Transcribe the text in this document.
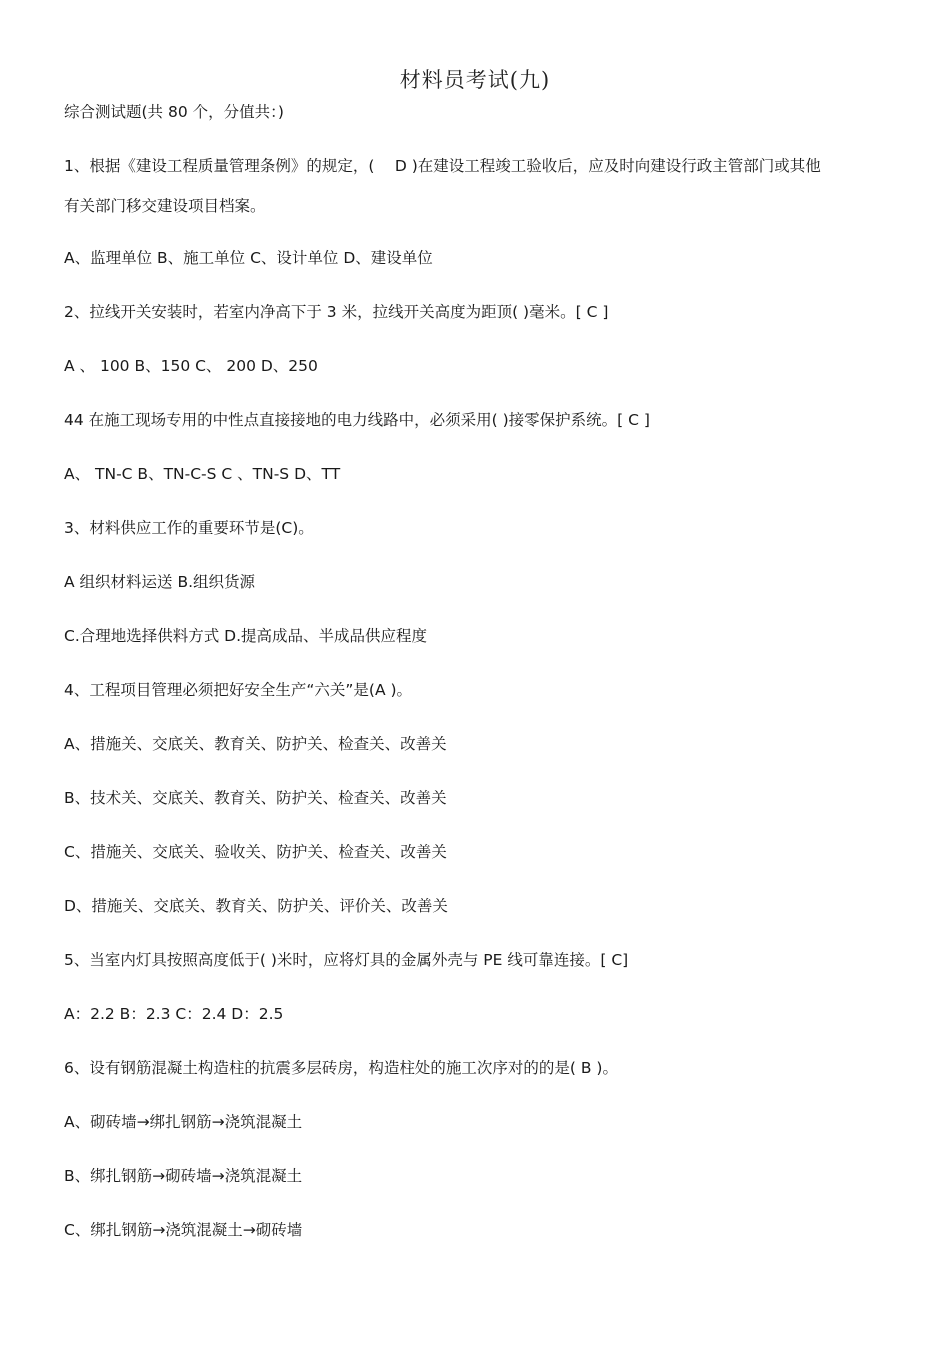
材料员考试(九)
综合测试题(共 80 个，分值共：)
1、根据《建设工程质量管理条例》的规定，(　 D )在建设工程竣工验收后，应及时向建设行政主管部门或其他
有关部门移交建设项目档案。
A、监理单位 B、施工单位 C、设计单位 D、建设单位
2、拉线开关安装时，若室内净高下于 3 米，拉线开关高度为距顶( )毫米。[ C ]
A 、 100 B、150 C、 200 D、250
44 在施工现场专用的中性点直接接地的电力线路中，必须采用( )接零保护系统。[ C ]
A、 TN-C B、TN-C-S C 、TN-S D、TT
3、材料供应工作的重要环节是(C)。
A 组织材料运送 B.组织货源
C.合理地选择供料方式 D.提高成品、半成品供应程度
4、工程项目管理必须把好安全生产“六关”是(A )。
A、措施关、交底关、教育关、防护关、检查关、改善关
B、技术关、交底关、教育关、防护关、检查关、改善关
C、措施关、交底关、验收关、防护关、检查关、改善关
D、措施关、交底关、教育关、防护关、评价关、改善关
5、当室内灯具按照高度低于( )米时，应将灯具的金属外壳与 PE 线可靠连接。[ C]
A：2.2 B：2.3 C：2.4 D：2.5
6、设有钢筋混凝土构造柱的抗震多层砖房，构造柱处的施工次序对的的是( B )。
A、砌砖墙→绑扎钢筋→浇筑混凝土
B、绑扎钢筋→砌砖墙→浇筑混凝土
C、绑扎钢筋→浇筑混凝土→砌砖墙
